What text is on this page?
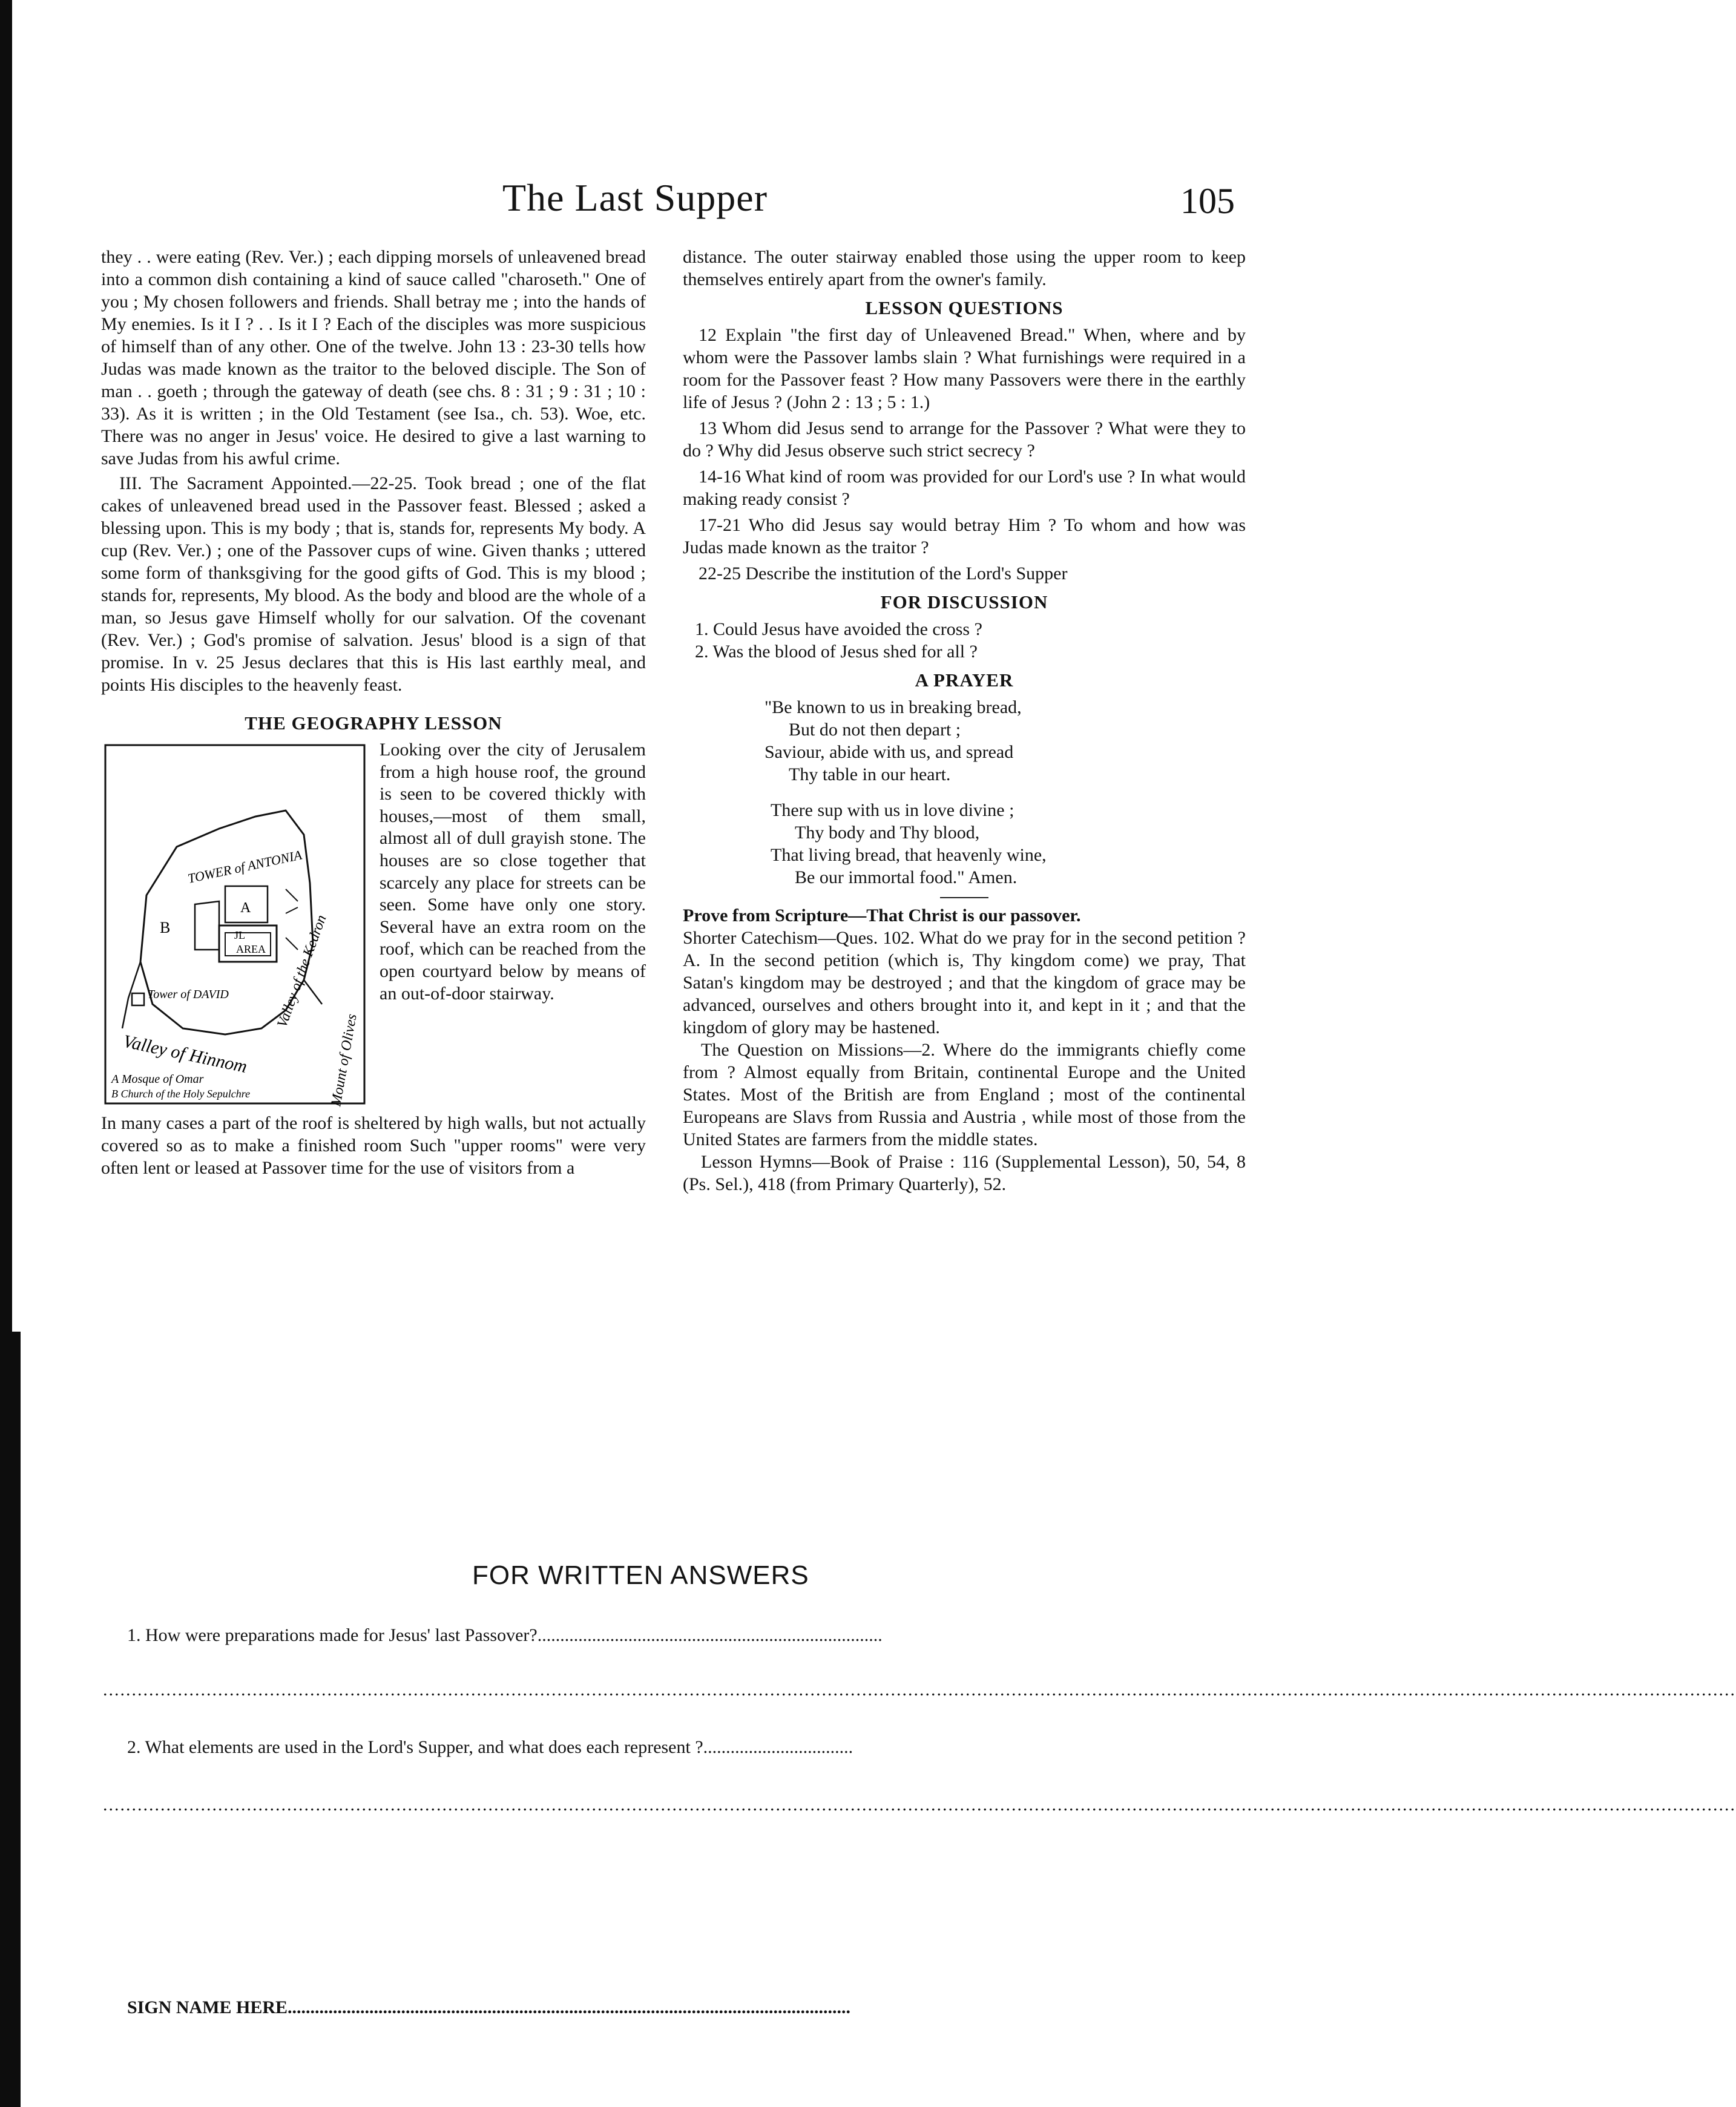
The Last Supper	105

they . . were eating (Rev. Ver.) ; each dipping morsels of unleavened bread into a common dish containing a kind of sauce called "charoseth." One of you ; My chosen followers and friends. Shall betray me ; into the hands of My enemies. Is it I ? . . Is it I ? Each of the disciples was more suspicious of himself than of any other. One of the twelve. John 13 : 23-30 tells how Judas was made known as the traitor to the beloved disciple. The Son of man . . goeth ; through the gateway of death (see chs. 8 : 31 ; 9 : 31 ; 10 : 33). As it is written ; in the Old Testament (see Isa., ch. 53). Woe, etc. There was no anger in Jesus' voice. He desired to give a last warning to save Judas from his awful crime.

III. The Sacrament Appointed.—22-25. Took bread ; one of the flat cakes of unleavened bread used in the Passover feast. Blessed ; asked a blessing upon. This is my body ; that is, stands for, represents My body. A cup (Rev. Ver.) ; one of the Passover cups of wine. Given thanks ; uttered some form of thanksgiving for the good gifts of God. This is my blood ; stands for, represents, My blood. As the body and blood are the whole of a man, so Jesus gave Himself wholly for our salvation. Of the covenant (Rev. Ver.) ; God's promise of salvation. Jesus' blood is a sign of that promise. In v. 25 Jesus declares that this is His last earthly meal, and points His disciples to the heavenly feast.

THE GEOGRAPHY LESSON
TOWER of ANTONIA
B
A
JL
AREA
Tower of DAVID	Valley of the Kedron
Mount of Olives
Valley of Hinnom
A Mosque of Omar
B Church of the Holy Sepulchre

Looking over the city of Jerusalem from a high house roof, the ground is seen to be covered thickly with houses,—most of them small, almost all of dull grayish stone. The houses are so close together that scarcely any place for streets can be seen. Some have only one story. Several have an extra room on the roof, which can be reached from the open courtyard below by means of an out-of-door stairway.

In many cases a part of the roof is sheltered by high walls, but not actually covered so as to make a finished room Such "upper rooms" were very often lent or leased at Passover time for the use of visitors from a

distance. The outer stairway enabled those using the upper room to keep themselves entirely apart from the owner's family.

LESSON QUESTIONS

12 Explain "the first day of Unleavened Bread." When, where and by whom were the Passover lambs slain ? What furnishings were required in a room for the Passover feast ? How many Passovers were there in the earthly life of Jesus ? (John 2 : 13 ; 5 : 1.)

13 Whom did Jesus send to arrange for the Passover ? What were they to do ? Why did Jesus observe such strict secrecy ?

14-16 What kind of room was provided for our Lord's use ? In what would making ready consist ?

17-21 Who did Jesus say would betray Him ? To whom and how was Judas made known as the traitor ?

22-25 Describe the institution of the Lord's Supper

FOR DISCUSSION

1. Could Jesus have avoided the cross ?

2. Was the blood of Jesus shed for all ?

A PRAYER
"Be known to us in breaking bread,
But do not then depart ;
Saviour, abide with us, and spread
Thy table in our heart.
There sup with us in love divine ;
Thy body and Thy blood,
That living bread, that heavenly wine,
Be our immortal food." Amen.

Prove from Scripture—That Christ is our passover.

Shorter Catechism—Ques. 102. What do we pray for in the second petition ? A. In the second petition (which is, Thy kingdom come) we pray, That Satan's kingdom may be destroyed ; and that the kingdom of grace may be advanced, ourselves and others brought into it, and kept in it ; and that the kingdom of glory may be hastened.

The Question on Missions—2. Where do the immigrants chiefly come from ? Almost equally from Britain, continental Europe and the United States. Most of the British are from England ; most of the continental Europeans are Slavs from Russia and Austria , while most of those from the United States are farmers from the middle states.

Lesson Hymns—Book of Praise : 116 (Supplemental Lesson), 50, 54, 8 (Ps. Sel.), 418 (from Primary Quarterly), 52.

FOR WRITTEN ANSWERS
1. How were preparations made for Jesus' last Passover?............................................................................
............................................................................................................................................................................................................................................................................................
2. What elements are used in the Lord's Supper, and what does each represent ?.................................
............................................................................................................................................................................................................................................................................................
SIGN NAME HERE............................................................................................................................
